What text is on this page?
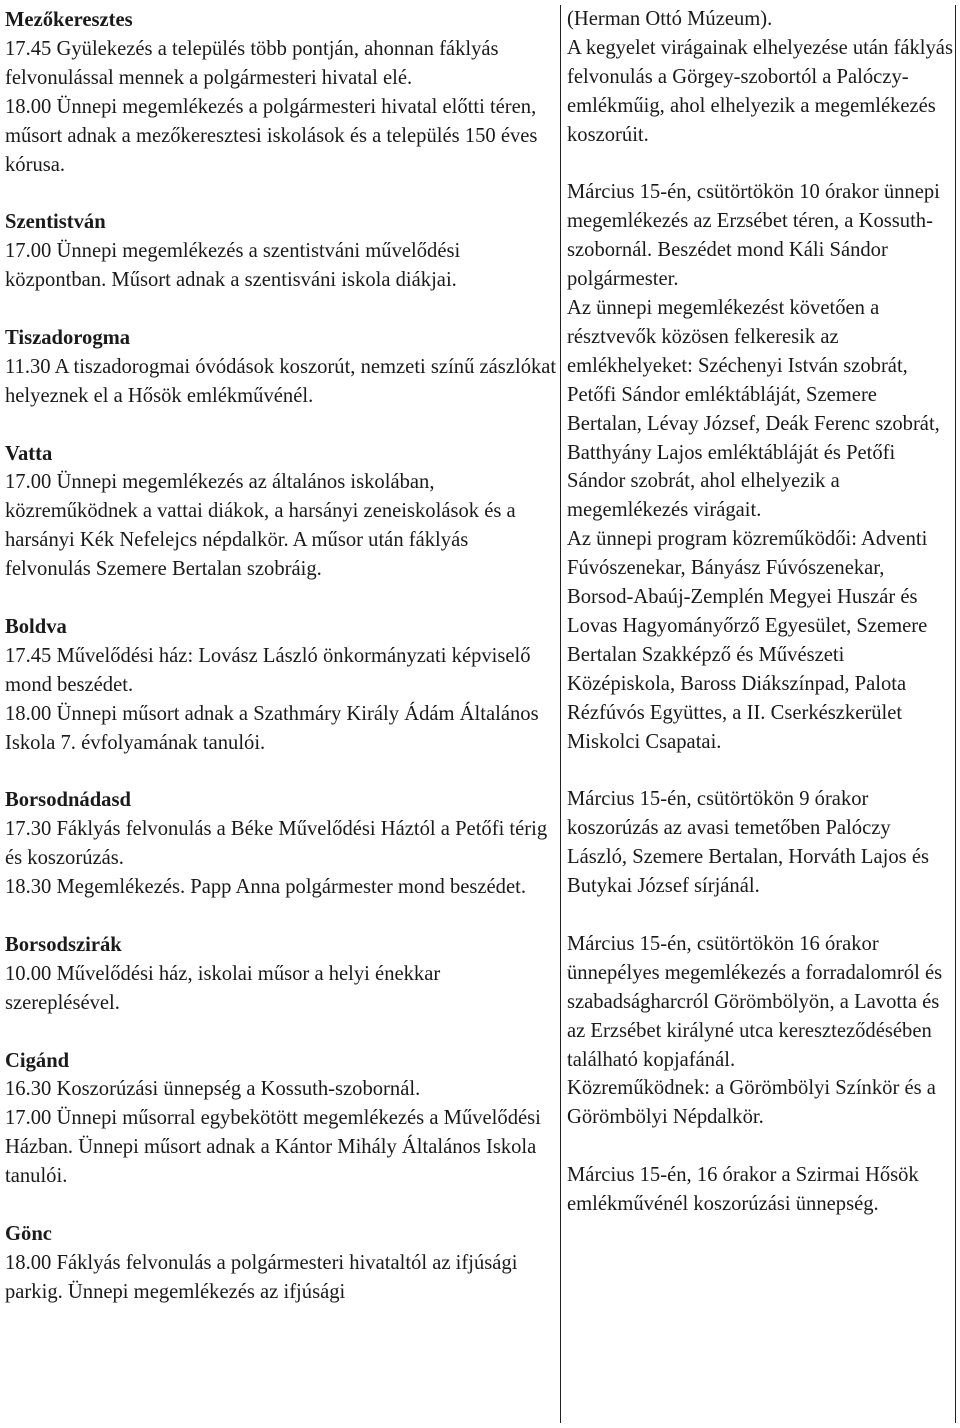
Mezőkeresztes
17.45 Gyülekezés a település több pontján, ahonnan fáklyás felvonulással mennek a polgármesteri hivatal elé.
18.00 Ünnepi megemlékezés a polgármesteri hivatal előtti téren, műsort adnak a mezőkeresztesi iskolások és a település 150 éves kórusa.
Szentistván
17.00 Ünnepi megemlékezés a szentistváni művelődési központban. Műsort adnak a szentisváni iskola diákjai.
Tiszadorogma
11.30 A tiszadorogmai óvódások koszorút, nemzeti színű zászlókat helyeznek el a Hősök emlékművénél.
Vatta
17.00 Ünnepi megemlékezés az általános iskolában, közreműködnek a vattai diákok, a harsányi zeneiskolások és a harsányi Kék Nefelejcs népdalkör. A műsor után fáklyás felvonulás Szemere Bertalan szobráig.
Boldva
17.45 Művelődési ház: Lovász László önkormányzati képviselő mond beszédet.
18.00 Ünnepi műsort adnak a Szathmáry Király Ádám Általános Iskola 7. évfolyamának tanulói.
Borsodnádasd
17.30 Fáklyás felvonulás a Béke Művelődési Háztól a Petőfi térig és koszorúzás.
18.30 Megemlékezés. Papp Anna polgármester mond beszédet.
Borsodszirák
10.00 Művelődési ház, iskolai műsor a helyi énekkar szereplésével.
Cigánd
16.30 Koszorúzási ünnepség a Kossuth-szobornál.
17.00 Ünnepi műsorral egybekötött megemlékezés a Művelődési Házban. Ünnepi műsort adnak a Kántor Mihály Általános Iskola tanulói.
Gönc
18.00 Fáklyás felvonulás a polgármesteri hivataltól az ifjúsági parkig. Ünnepi megemlékezés az ifjúsági
(Herman Ottó Múzeum).
A kegyelet virágainak elhelyezése után fáklyás felvonulás a Görgey-szobortól a Palóczy-emlékműig, ahol elhelyezik a megemlékezés koszorúit.
Március 15-én, csütörtökön 10 órakor ünnepi megemlékezés az Erzsébet téren, a Kossuth-szobornál. Beszédet mond Káli Sándor polgármester.
Az ünnepi megemlékezést követően a résztvevők közösen felkeresik az emlékhelyeket: Széchenyi István szobrát, Petőfi Sándor emléktábláját, Szemere Bertalan, Lévay József, Deák Ferenc szobrát, Batthyány Lajos emléktábláját és Petőfi Sándor szobrát, ahol elhelyezik a megemlékezés virágait.
Az ünnepi program közreműködői: Adventi Fúvószenekar, Bányász Fúvószenekar, Borsod-Abaúj-Zemplén Megyei Huszár és Lovas Hagyományőrző Egyesület, Szemere Bertalan Szakképző és Művészeti Középiskola, Baross Diákszínpad, Palota Rézfúvós Együttes, a II. Cserkészkerület Miskolci Csapatai.
Március 15-én, csütörtökön 9 órakor koszorúzás az avasi temetőben Palóczy László, Szemere Bertalan, Horváth Lajos és Butykai József sírjánál.
Március 15-én, csütörtökön 16 órakor ünnepélyes megemlékezés a forradalomról és szabadságharcról Görömbölyön, a Lavotta és az Erzsébet királyné utca kereszteződésében található kopjafánál.
Közreműködnek: a Görömbölyi Színkör és a Görömbölyi Népdalkör.
Március 15-én, 16 órakor a Szirmai Hősök emlékművénél koszorúzási ünnepség.
